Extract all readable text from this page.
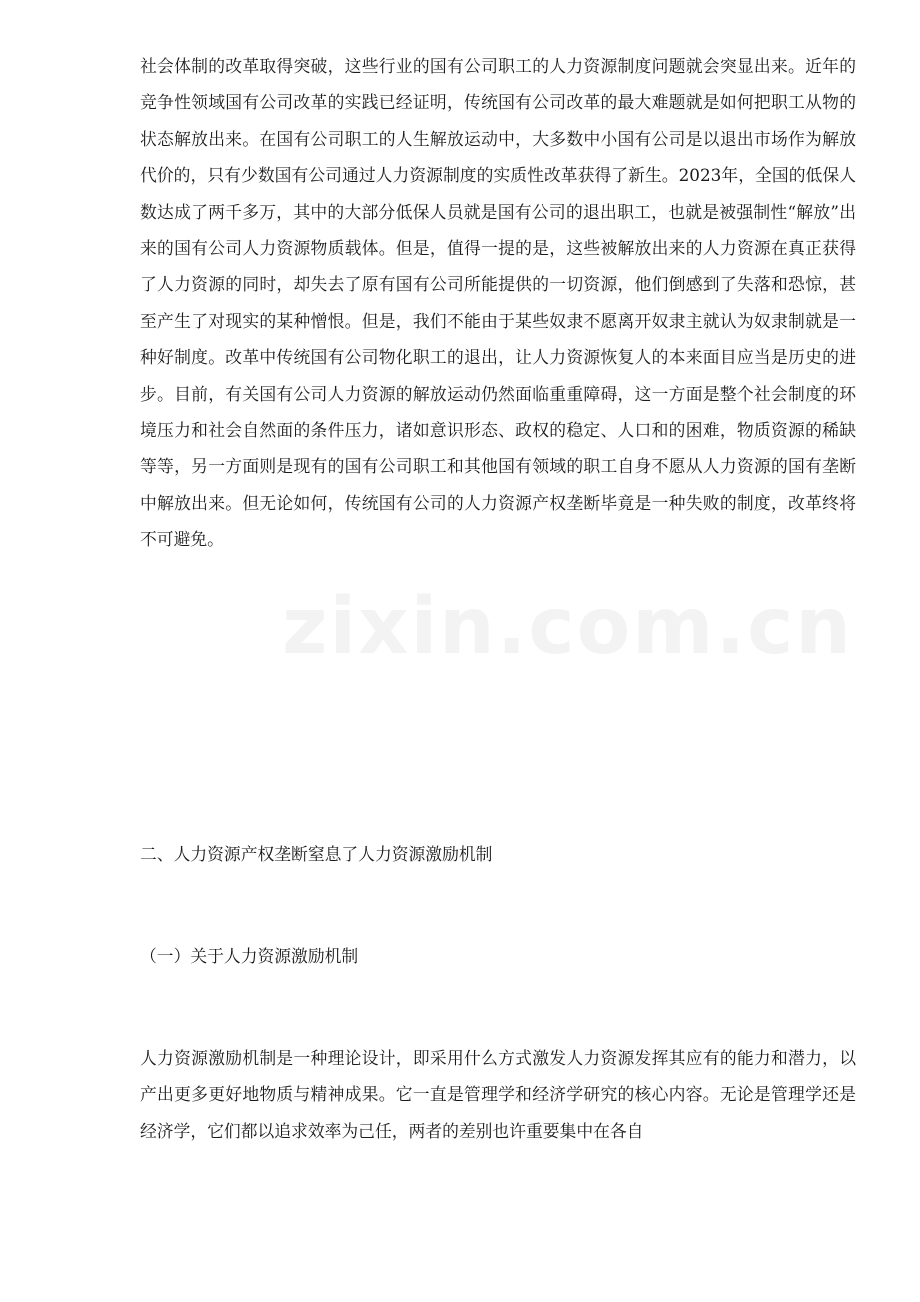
社会体制的改革取得突破，这些行业的国有公司职工的人力资源制度问题就会突显出来。近年的竞争性领域国有公司改革的实践已经证明，传统国有公司改革的最大难题就是如何把职工从物的状态解放出来。在国有公司职工的人生解放运动中，大多数中小国有公司是以退出市场作为解放代价的，只有少数国有公司通过人力资源制度的实质性改革获得了新生。2023年，全国的低保人数达成了两千多万，其中的大部分低保人员就是国有公司的退出职工，也就是被强制性“解放”出来的国有公司人力资源物质载体。但是，值得一提的是，这些被解放出来的人力资源在真正获得了人力资源的同时，却失去了原有国有公司所能提供的一切资源，他们倒感到了失落和恐惊，甚至产生了对现实的某种憎恨。但是，我们不能由于某些奴隶不愿离开奴隶主就认为奴隶制就是一种好制度。改革中传统国有公司物化职工的退出，让人力资源恢复人的本来面目应当是历史的进步。目前，有关国有公司人力资源的解放运动仍然面临重重障碍，这一方面是整个社会制度的环境压力和社会自然面的条件压力，诸如意识形态、政权的稳定、人口和的困难，物质资源的稀缺等等，另一方面则是现有的国有公司职工和其他国有领域的职工自身不愿从人力资源的国有垄断中解放出来。但无论如何，传统国有公司的人力资源产权垄断毕竟是一种失败的制度，改革终将不可避免。

二、人力资源产权垄断窒息了人力资源激励机制
（一）关于人力资源激励机制

人力资源激励机制是一种理论设计，即采用什么方式激发人力资源发挥其应有的能力和潜力，以产出更多更好地物质与精神成果。它一直是管理学和经济学研究的核心内容。无论是管理学还是经济学，它们都以追求效率为己任，两者的差别也许重要集中在各自

zixin.com.cn
